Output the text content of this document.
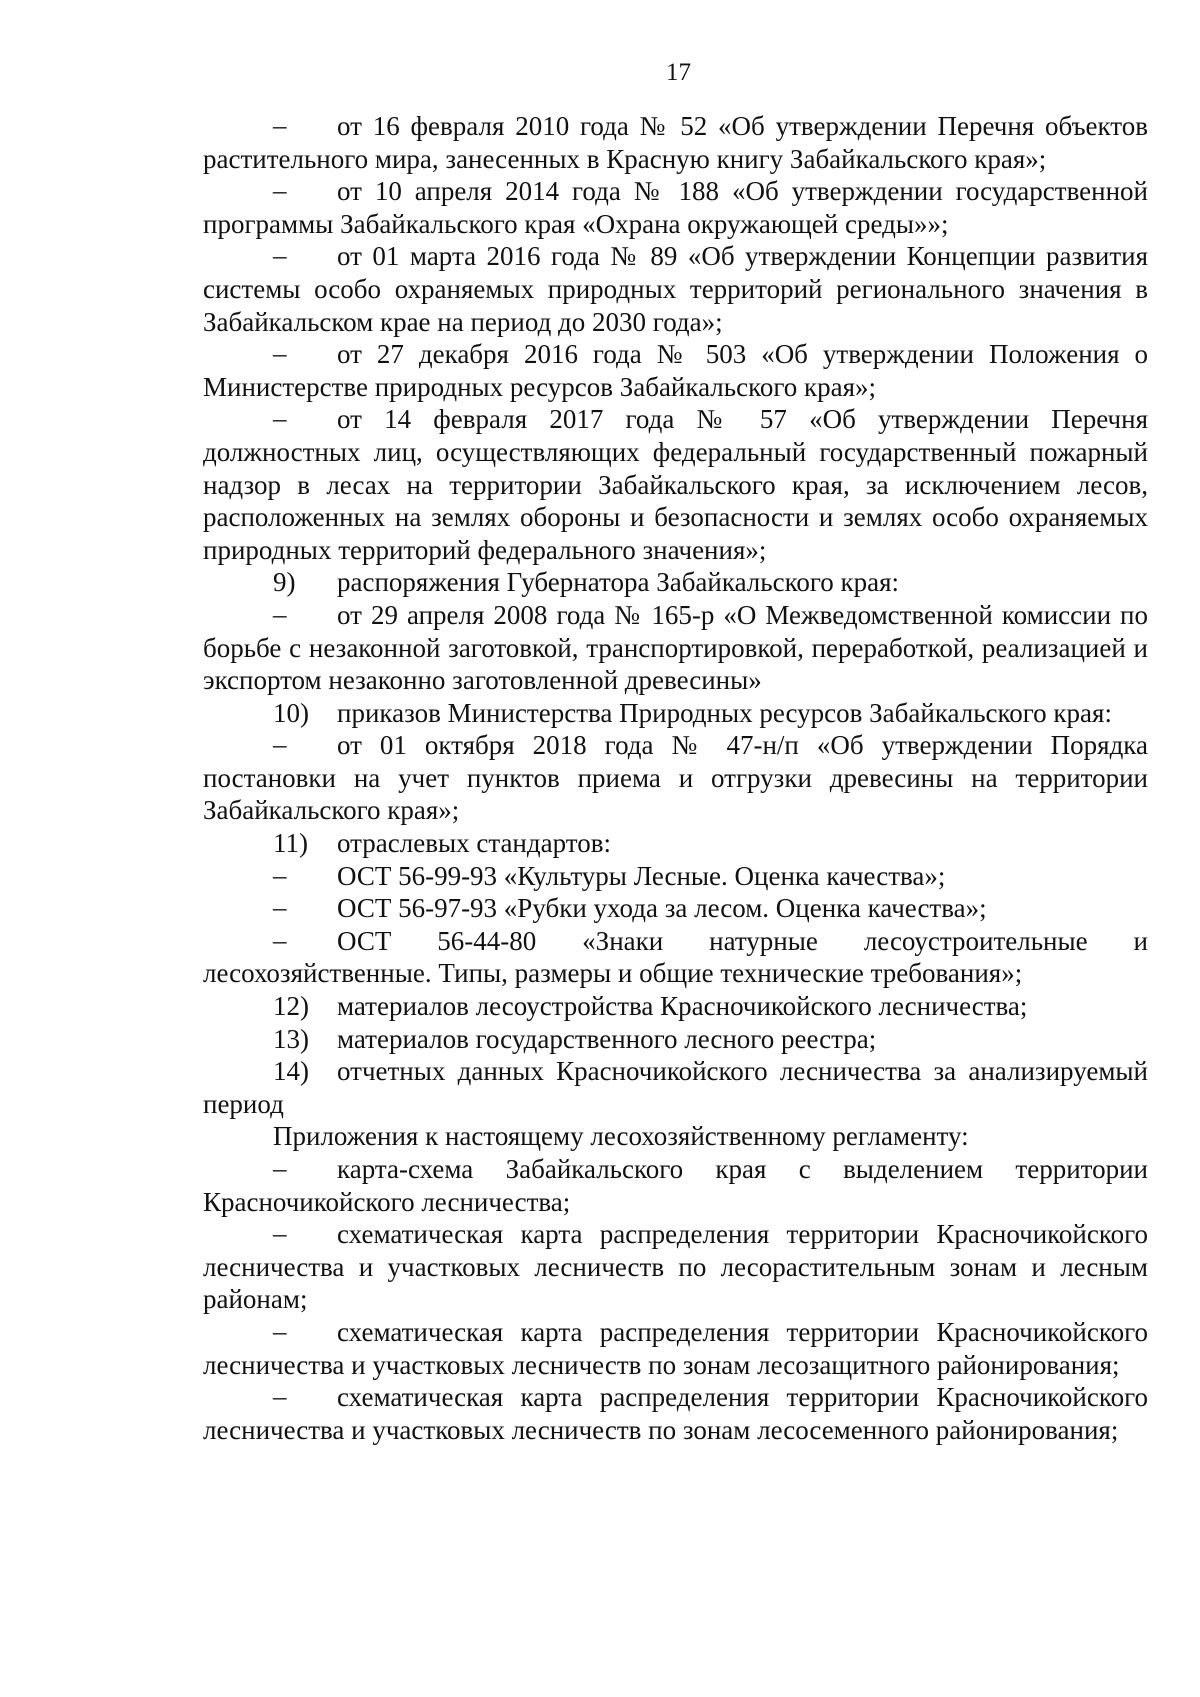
17

– от 16 февраля 2010 года № 52 «Об утверждении Перечня объектов растительного мира, занесенных в Красную книгу Забайкальского края»;

– от 10 апреля 2014 года № 188 «Об утверждении государственной программы Забайкальского края «Охрана окружающей среды»»;

– от 01 марта 2016 года № 89 «Об утверждении Концепции развития системы особо охраняемых природных территорий регионального значения в Забайкальском крае на период до 2030 года»;

– от 27 декабря 2016 года № 503 «Об утверждении Положения о Министерстве природных ресурсов Забайкальского края»;

– от 14 февраля 2017 года № 57 «Об утверждении Перечня должностных лиц, осуществляющих федеральный государственный пожарный надзор в лесах на территории Забайкальского края, за исключением лесов, расположенных на землях обороны и безопасности и землях особо охраняемых природных территорий федерального значения»;

9) распоряжения Губернатора Забайкальского края:

– от 29 апреля 2008 года № 165-р «О Межведомственной комиссии по борьбе с незаконной заготовкой, транспортировкой, переработкой, реализацией и экспортом незаконно заготовленной древесины»

10) приказов Министерства Природных ресурсов Забайкальского края:

– от 01 октября 2018 года № 47-н/п «Об утверждении Порядка постановки на учет пунктов приема и отгрузки древесины на территории Забайкальского края»;

11) отраслевых стандартов:

– ОСТ 56-99-93 «Культуры Лесные. Оценка качества»;

– ОСТ 56-97-93 «Рубки ухода за лесом. Оценка качества»;

– ОСТ 56-44-80 «Знаки натурные лесоустроительные и лесохозяйственные. Типы, размеры и общие технические требования»;

12) материалов лесоустройства Красночикойского лесничества;

13) материалов государственного лесного реестра;

14) отчетных данных Красночикойского лесничества за анализируемый период

Приложения к настоящему лесохозяйственному регламенту:

– карта-схема Забайкальского края с выделением территории Красночикойского лесничества;

– схематическая карта распределения территории Красночикойского лесничества и участковых лесничеств по лесорастительным зонам и лесным районам;

– схематическая карта распределения территории Красночикойского лесничества и участковых лесничеств по зонам лесозащитного районирования;

– схематическая карта распределения территории Красночикойского лесничества и участковых лесничеств по зонам лесосеменного районирования;
